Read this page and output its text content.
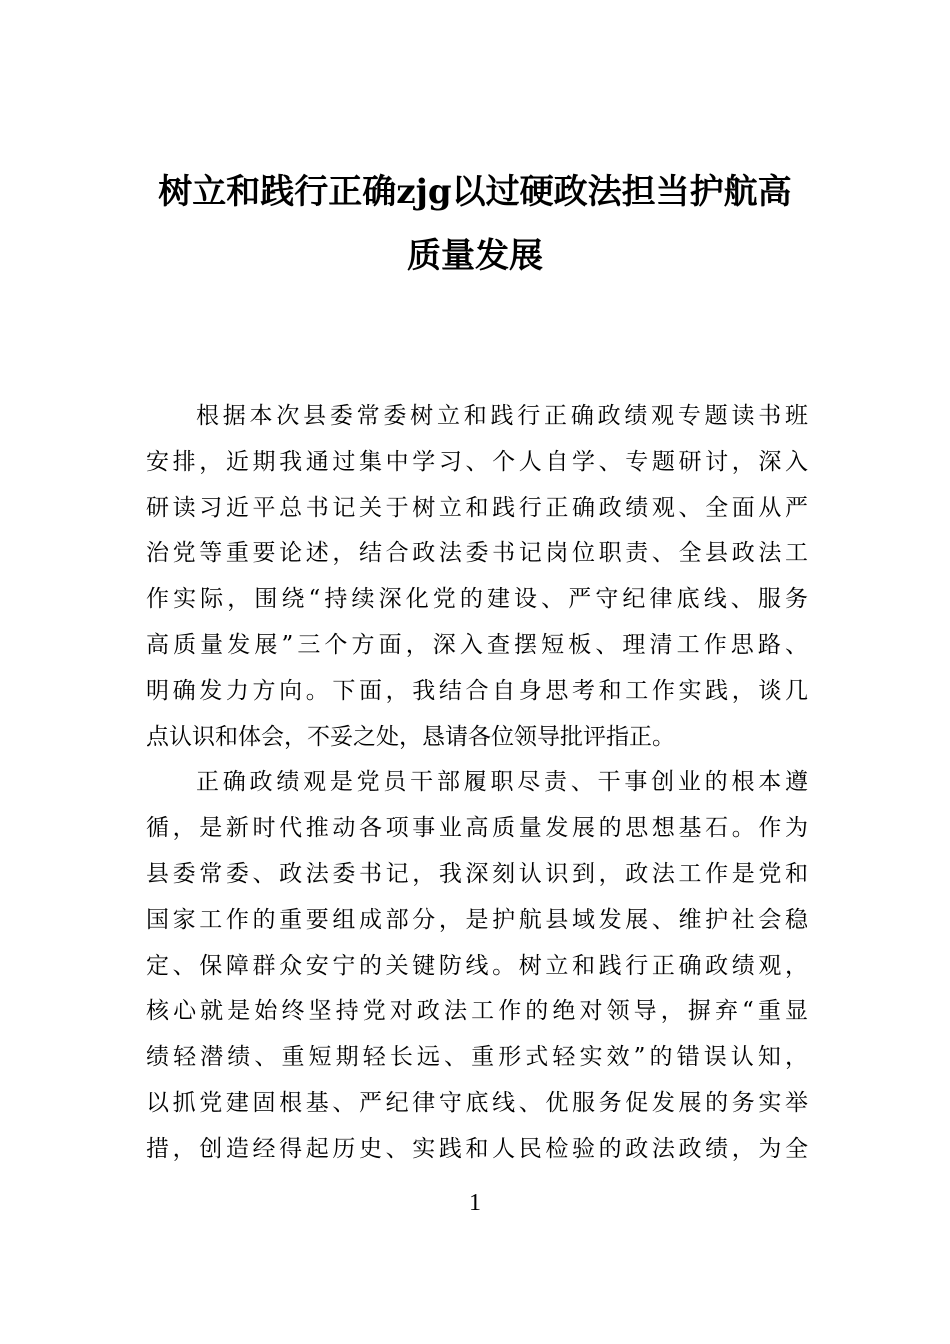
树立和践行正确zjg以过硬政法担当护航高
质量发展
根据本次县委常委树立和践行正确政绩观专题读书班
安排，近期我通过集中学习、个人自学、专题研讨，深入
研读习近平总书记关于树立和践行正确政绩观、全面从严
治党等重要论述，结合政法委书记岗位职责、全县政法工
作实际，围绕“持续深化党的建设、严守纪律底线、服务
高质量发展”三个方面，深入查摆短板、理清工作思路、
明确发力方向。下面，我结合自身思考和工作实践，谈几
点认识和体会，不妥之处，恳请各位领导批评指正。
正确政绩观是党员干部履职尽责、干事创业的根本遵
循，是新时代推动各项事业高质量发展的思想基石。作为
县委常委、政法委书记，我深刻认识到，政法工作是党和
国家工作的重要组成部分，是护航县域发展、维护社会稳
定、保障群众安宁的关键防线。树立和践行正确政绩观，
核心就是始终坚持党对政法工作的绝对领导，摒弃“重显
绩轻潜绩、重短期轻长远、重形式轻实效”的错误认知，
以抓党建固根基、严纪律守底线、优服务促发展的务实举
措，创造经得起历史、实践和人民检验的政法政绩，为全
1
